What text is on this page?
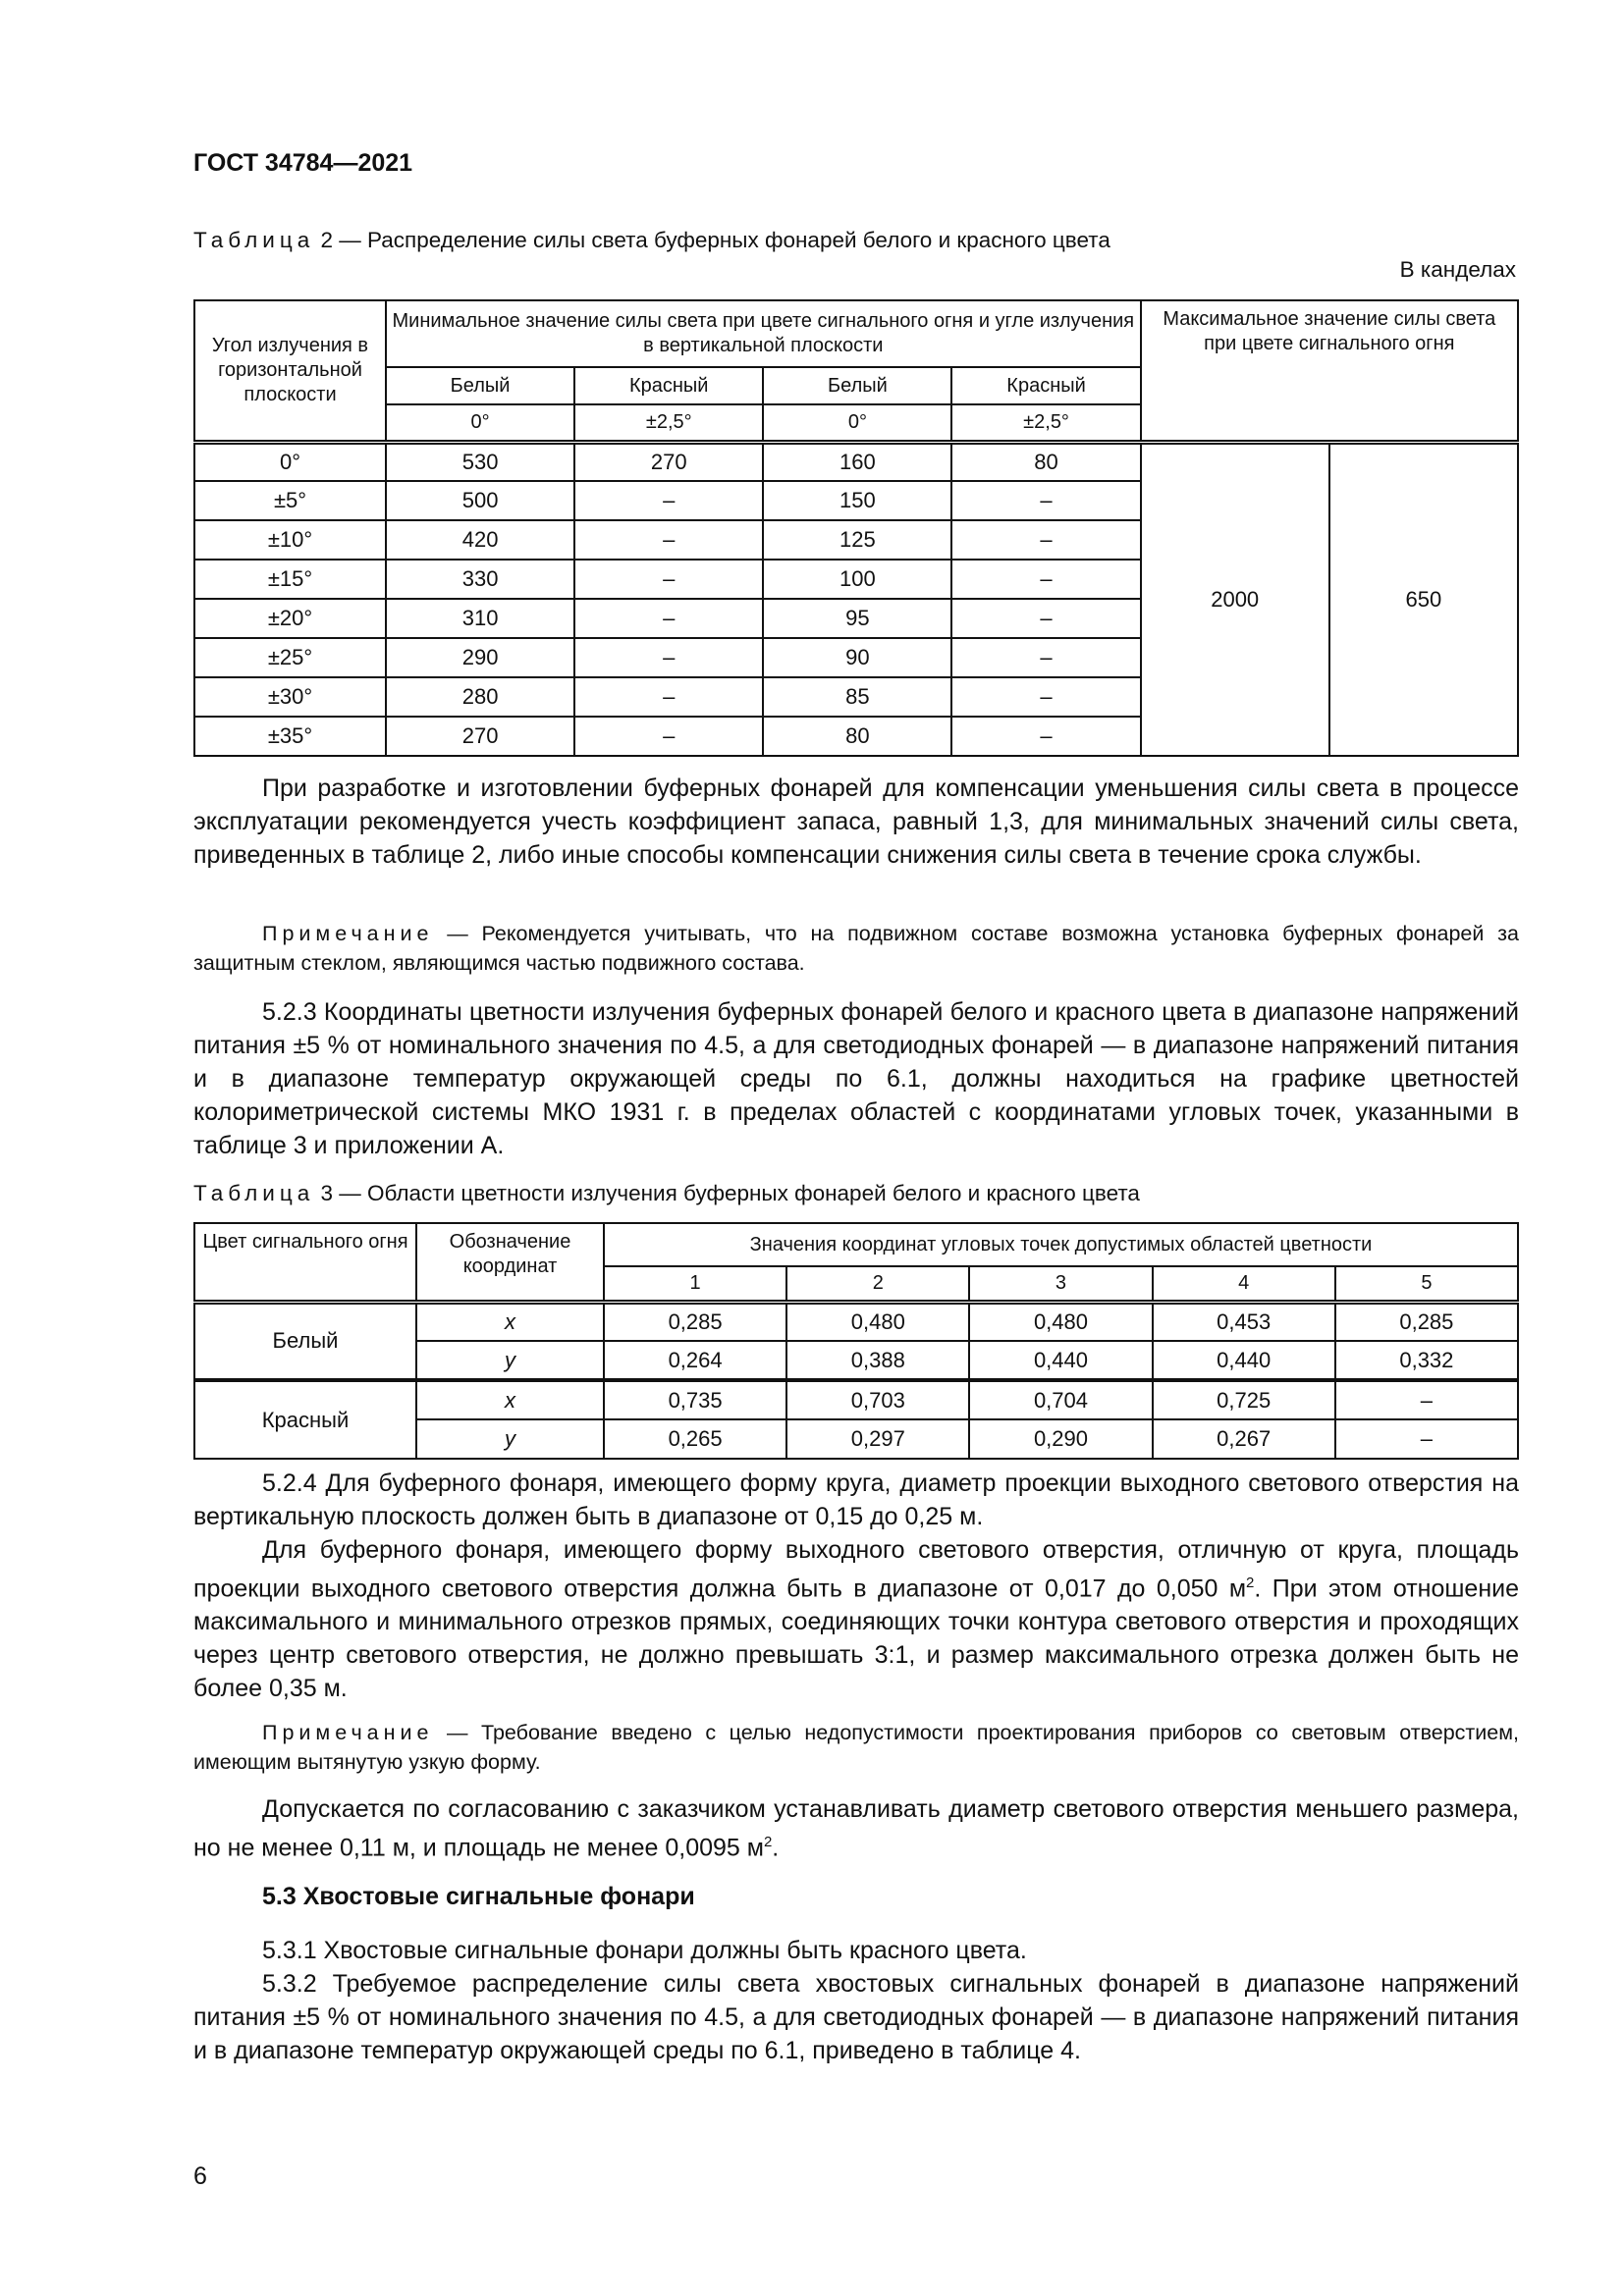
ГОСТ 34784—2021
Таблица 2 — Распределение силы света буферных фонарей белого и красного цвета
В канделах
Угол излучения в горизонтальной плоскости	Минимальное значение силы света при цвете сигнального огня и угле излучения в вертикальной плоскости				Максимальное значение силы света при цвете сигнального огня	
	Белый	Красный	Белый	Красный		
	0°	±2,5°	0°	±2,5°		
0°	530	270	160	80	2000	650
±5°	500	–	150	–		
±10°	420	–	125	–		
±15°	330	–	100	–		
±20°	310	–	95	–		
±25°	290	–	90	–		
±30°	280	–	85	–		
±35°	270	–	80	–		

При разработке и изготовлении буферных фонарей для компенсации уменьшения силы света в процессе эксплуатации рекомендуется учесть коэффициент запаса, равный 1,3, для минимальных значений силы света, приведенных в таблице 2, либо иные способы компенсации снижения силы света в течение срока службы.

Примечание — Рекомендуется учитывать, что на подвижном составе возможна установка буферных фонарей за защитным стеклом, являющимся частью подвижного состава.

5.2.3 Координаты цветности излучения буферных фонарей белого и красного цвета в диапазоне напряжений питания ±5 % от номинального значения по 4.5, а для светодиодных фонарей — в диапазоне напряжений питания и в диапазоне температур окружающей среды по 6.1, должны находиться на графике цветностей колориметрической системы МКО 1931 г. в пределах областей с координатами угловых точек, указанными в таблице 3 и приложении А.

Таблица 3 — Области цветности излучения буферных фонарей белого и красного цвета
Цвет сигнального огня	Обозначение координат	Значения координат угловых точек допустимых областей цветности				
		1	2	3	4	5
Белый	x	0,285	0,480	0,480	0,453	0,285
	y	0,264	0,388	0,440	0,440	0,332
Красный	x	0,735	0,703	0,704	0,725	–
	y	0,265	0,297	0,290	0,267	–

5.2.4 Для буферного фонаря, имеющего форму круга, диаметр проекции выходного светового отверстия на вертикальную плоскость должен быть в диапазоне от 0,15 до 0,25 м.

Для буферного фонаря, имеющего форму выходного светового отверстия, отличную от круга, площадь проекции выходного светового отверстия должна быть в диапазоне от 0,017 до 0,050 $м^2$. При этом отношение максимального и минимального отрезков прямых, соединяющих точки контура светового отверстия и проходящих через центр светового отверстия, не должно превышать 3:1, и размер максимального отрезка должен быть не более 0,35 м.

Примечание — Требование введено с целью недопустимости проектирования приборов со световым отверстием, имеющим вытянутую узкую форму.

Допускается по согласованию с заказчиком устанавливать диаметр светового отверстия меньшего размера, но не менее 0,11 м, и площадь не менее 0,0095 $м^2$.

5.3 Хвостовые сигнальные фонари

5.3.1 Хвостовые сигнальные фонари должны быть красного цвета.

5.3.2 Требуемое распределение силы света хвостовых сигнальных фонарей в диапазоне напряжений питания ±5 % от номинального значения по 4.5, а для светодиодных фонарей — в диапазоне напряжений питания и в диапазоне температур окружающей среды по 6.1, приведено в таблице 4.

6
